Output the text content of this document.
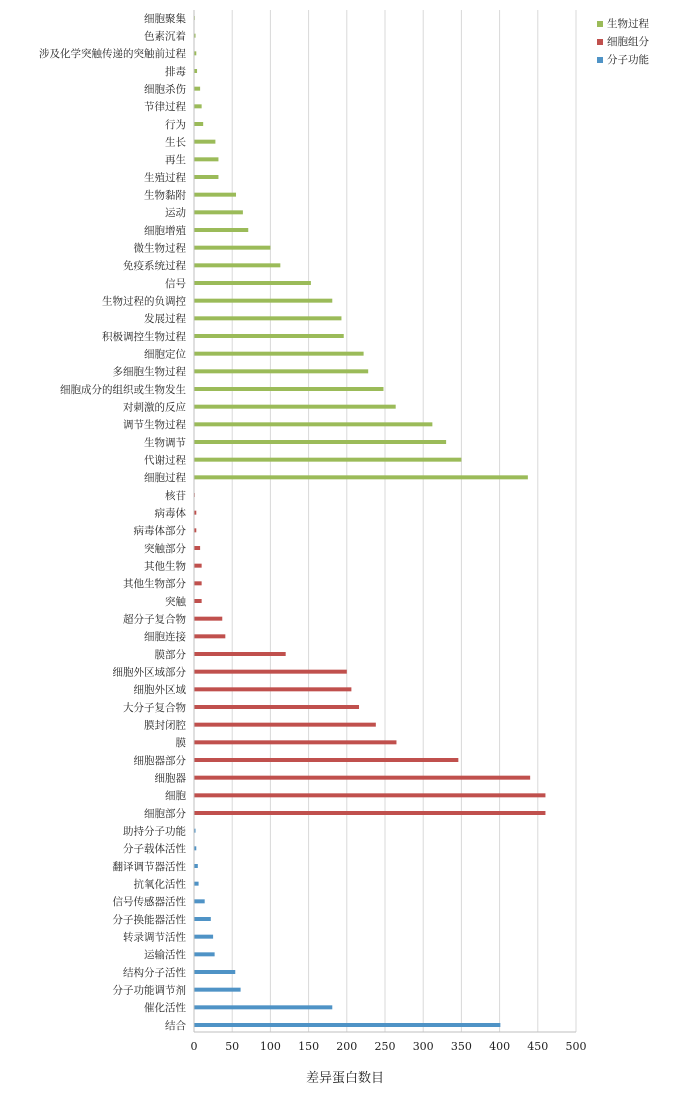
细胞聚集
色素沉着
涉及化学突触传递的突触前过程
排毒
细胞杀伤
节律过程
行为
生长
再生
生殖过程
生物黏附
运动
细胞增殖
微生物过程
免疫系统过程
信号
生物过程的负调控
发展过程
积极调控生物过程
细胞定位
多细胞生物过程
细胞成分的组织或生物发生
对刺激的反应
调节生物过程
生物调节
代谢过程
细胞过程
核苷
病毒体
病毒体部分
突触部分
其他生物
其他生物部分
突触
超分子复合物
细胞连接
膜部分
细胞外区域部分
细胞外区域
大分子复合物
膜封闭腔
膜
细胞器部分
细胞器
细胞
细胞部分
助持分子功能
分子载体活性
翻译调节器活性
抗氧化活性
信号传感器活性
分子换能器活性
转录调节活性
运输活性
结构分子活性
分子功能调节剂
催化活性
结合
0	50 100 150 200 250 300 350 400 450 500
差异蛋白数目
生物过程
细胞组分
分子功能
